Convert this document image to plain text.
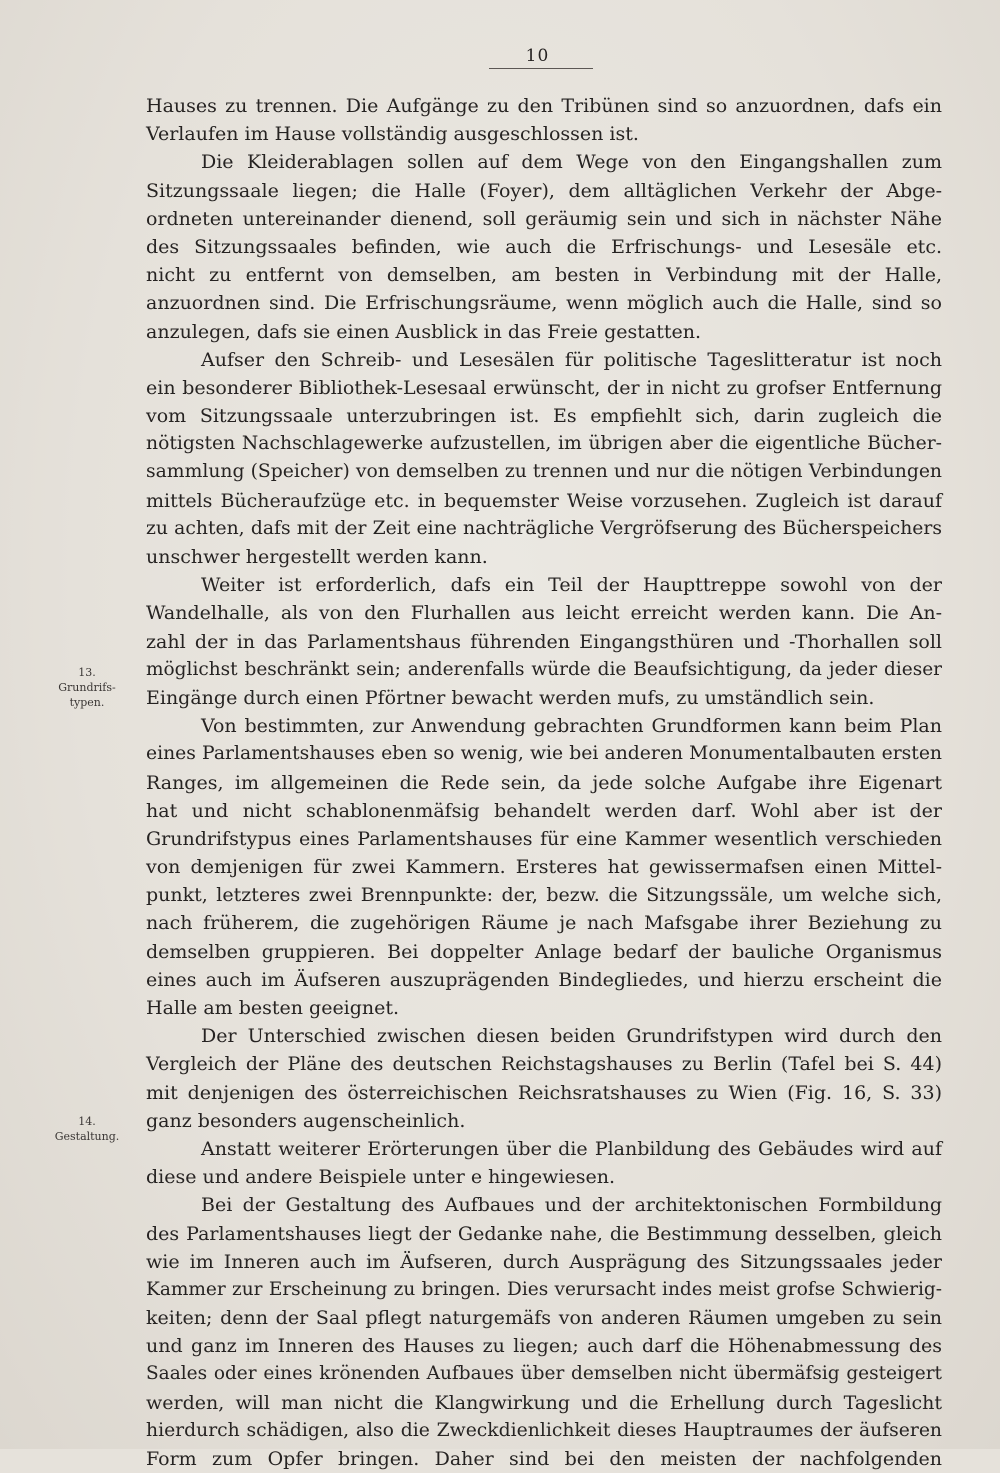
10
13.
Grundrifs-
typen.
14.
Gestaltung.
Hauses zu trennen. Die Aufgänge zu den Tribünen sind so anzuordnen, dafs ein
Verlaufen im Hause vollständig ausgeschlossen ist.
Die Kleiderablagen sollen auf dem Wege von den Eingangshallen zum
Sitzungssaale liegen; die Halle (Foyer), dem alltäglichen Verkehr der Abge-
ordneten untereinander dienend, soll geräumig sein und sich in nächster Nähe
des Sitzungssaales befinden, wie auch die Erfrischungs- und Lesesäle etc.
nicht zu entfernt von demselben, am besten in Verbindung mit der Halle,
anzuordnen sind. Die Erfrischungsräume, wenn möglich auch die Halle, sind so
anzulegen, dafs sie einen Ausblick in das Freie gestatten.
Aufser den Schreib- und Lesesälen für politische Tageslitteratur ist noch
ein besonderer Bibliothek-Lesesaal erwünscht, der in nicht zu grofser Entfernung
vom Sitzungssaale unterzubringen ist. Es empfiehlt sich, darin zugleich die
nötigsten Nachschlagewerke aufzustellen, im übrigen aber die eigentliche Bücher-
sammlung (Speicher) von demselben zu trennen und nur die nötigen Verbindungen
mittels Bücheraufzüge etc. in bequemster Weise vorzusehen. Zugleich ist darauf
zu achten, dafs mit der Zeit eine nachträgliche Vergröfserung des Bücherspeichers
unschwer hergestellt werden kann.
Weiter ist erforderlich, dafs ein Teil der Haupttreppe sowohl von der
Wandelhalle, als von den Flurhallen aus leicht erreicht werden kann. Die An-
zahl der in das Parlamentshaus führenden Eingangsthüren und -Thorhallen soll
möglichst beschränkt sein; anderenfalls würde die Beaufsichtigung, da jeder dieser
Eingänge durch einen Pförtner bewacht werden mufs, zu umständlich sein.
Von bestimmten, zur Anwendung gebrachten Grundformen kann beim Plan
eines Parlamentshauses eben so wenig, wie bei anderen Monumentalbauten ersten
Ranges, im allgemeinen die Rede sein, da jede solche Aufgabe ihre Eigenart
hat und nicht schablonenmäfsig behandelt werden darf. Wohl aber ist der
Grundrifstypus eines Parlamentshauses für eine Kammer wesentlich verschieden
von demjenigen für zwei Kammern. Ersteres hat gewissermafsen einen Mittel-
punkt, letzteres zwei Brennpunkte: der, bezw. die Sitzungssäle, um welche sich,
nach früherem, die zugehörigen Räume je nach Mafsgabe ihrer Beziehung zu
demselben gruppieren. Bei doppelter Anlage bedarf der bauliche Organismus
eines auch im Äufseren auszuprägenden Bindegliedes, und hierzu erscheint die
Halle am besten geeignet.
Der Unterschied zwischen diesen beiden Grundrifstypen wird durch den
Vergleich der Pläne des deutschen Reichstagshauses zu Berlin (Tafel bei S. 44)
mit denjenigen des österreichischen Reichsratshauses zu Wien (Fig. 16, S. 33)
ganz besonders augenscheinlich.
Anstatt weiterer Erörterungen über die Planbildung des Gebäudes wird auf
diese und andere Beispiele unter e hingewiesen.
Bei der Gestaltung des Aufbaues und der architektonischen Formbildung
des Parlamentshauses liegt der Gedanke nahe, die Bestimmung desselben, gleich
wie im Inneren auch im Äufseren, durch Ausprägung des Sitzungssaales jeder
Kammer zur Erscheinung zu bringen. Dies verursacht indes meist grofse Schwierig-
keiten; denn der Saal pflegt naturgemäfs von anderen Räumen umgeben zu sein
und ganz im Inneren des Hauses zu liegen; auch darf die Höhenabmessung des
Saales oder eines krönenden Aufbaues über demselben nicht übermäfsig gesteigert
werden, will man nicht die Klangwirkung und die Erhellung durch Tageslicht
hierdurch schädigen, also die Zweckdienlichkeit dieses Hauptraumes der äufseren
Form zum Opfer bringen. Daher sind bei den meisten der nachfolgenden
